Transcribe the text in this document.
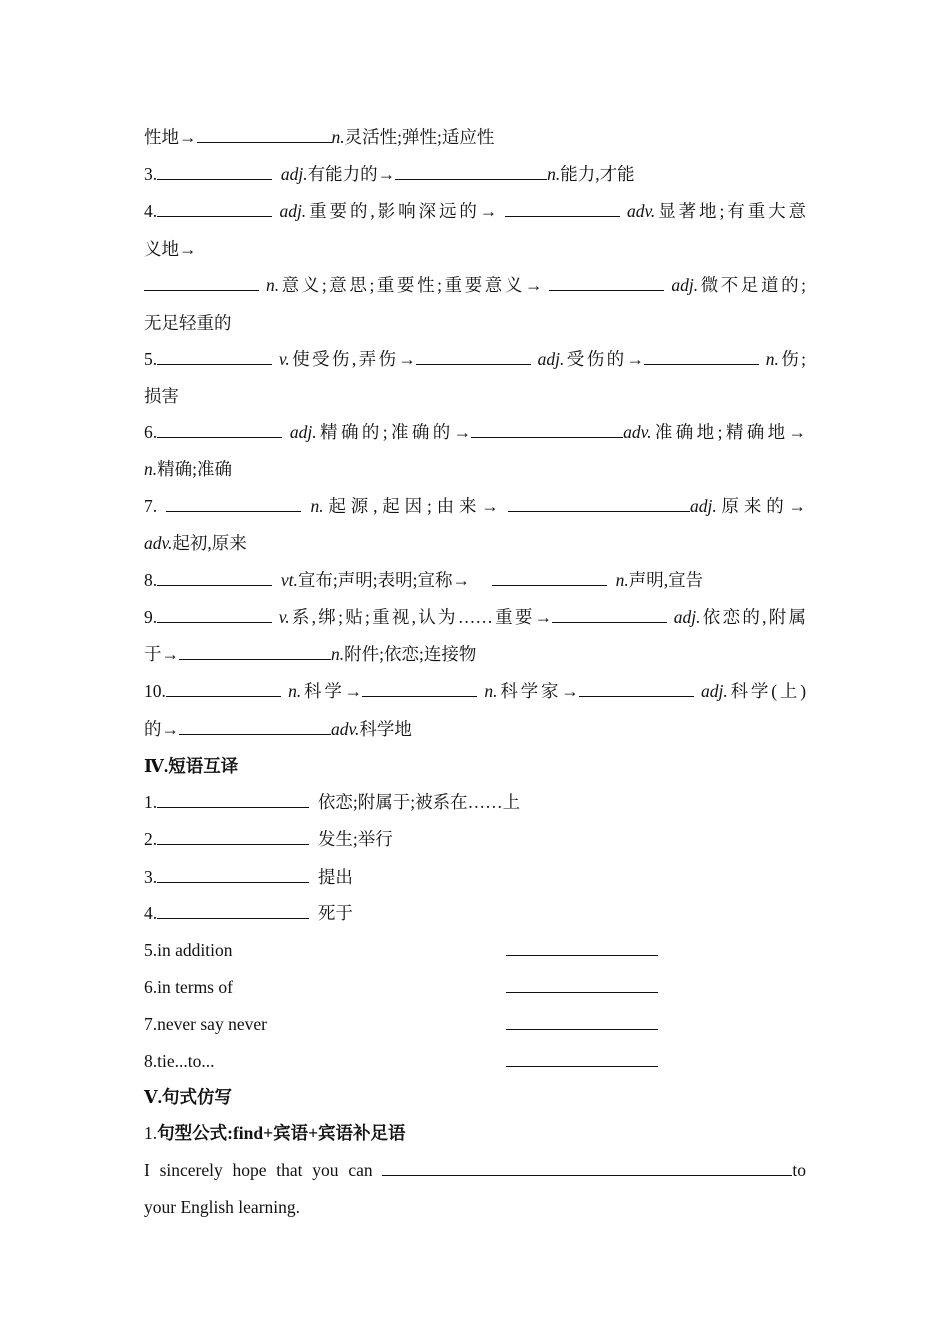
性地→	n.灵活性;弹性;适应性
3.	adj.有能力的→	n.能力,才能
4.	adj.重要的,影响深远的→	adv.显著地;有重大意
义地→
n.意义;意思;重要性;重要意义→	adj.微不足道的;
无足轻重的
5.	v.使受伤,弄伤→	adj.受伤的→	n.伤;
损害
6.	adj.精确的;准确的→	adv.准确地;精确地→
n.精确;准确
7.	n.起源,起因;由来→	adj.原来的→
adv.起初,原来
8.	vt.宣布;声明;表明;宣称→	n.声明,宣告
9.	v.系,绑;贴;重视,认为……重要→	adj.依恋的,附属
于→	n.附件;依恋;连接物
10.	n.科学→	n.科学家→	adj.科学(上)
的→	adv.科学地
Ⅳ.短语互译
1.	依恋;附属于;被系在……上
2.	发生;举行
3.	提出
4.	死于
5.in addition
6.in terms of
7.never say never
8.tie...to...
Ⅴ.句式仿写
1.句型公式:find+宾语+宾语补足语
I sincerely hope that you can	to
your English learning.
